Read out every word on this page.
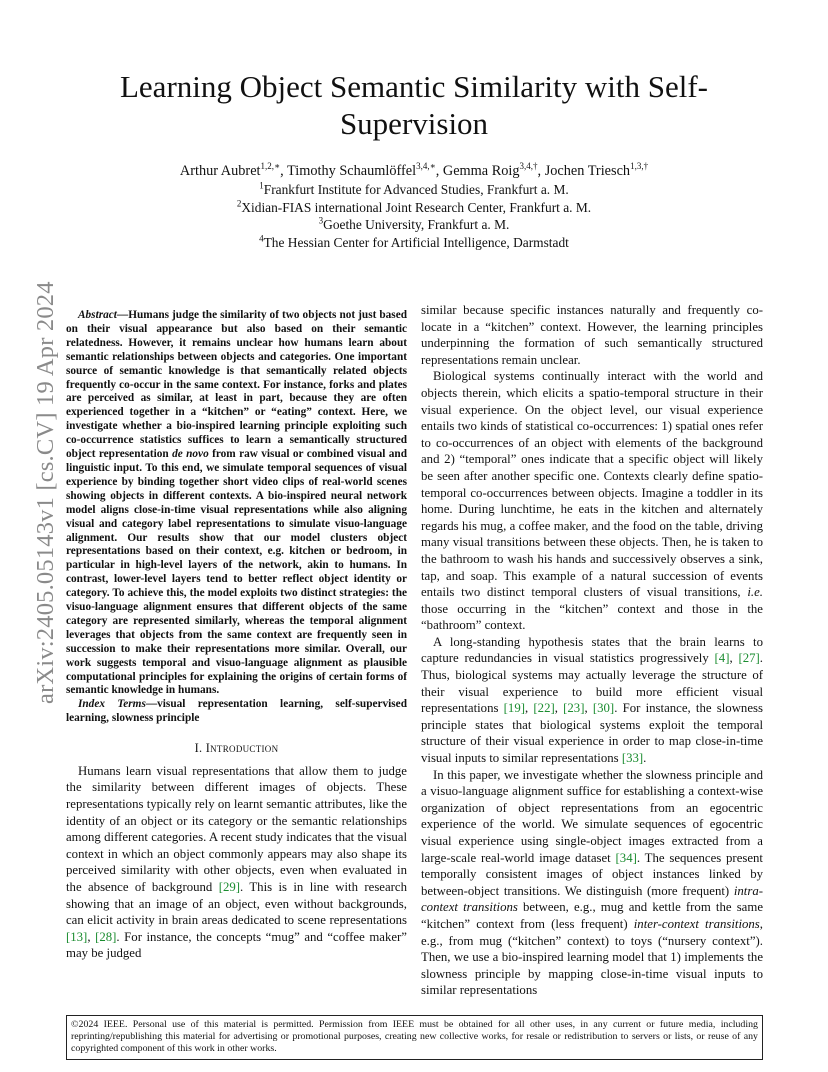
Learning Object Semantic Similarity with Self-Supervision
Arthur Aubret$^{1,2,∗}$, Timothy Schaumlöffel$^{3,4,∗}$, Gemma Roig$^{3,4,\dagger}$, Jochen Triesch$^{1,3,\dagger}$
$^1$Frankfurt Institute for Advanced Studies, Frankfurt a. M.
$^2$Xidian-FIAS international Joint Research Center, Frankfurt a. M.
$^3$Goethe University, Frankfurt a. M.
$^4$The Hessian Center for Artificial Intelligence, Darmstadt
arXiv:2405.05143v1 [cs.CV] 19 Apr 2024	Abstract—Humans judge the similarity of two objects not just based on their visual appearance but also based on their semantic relatedness. However, it remains unclear how humans learn about semantic relationships between objects and categories. One important source of semantic knowledge is that semantically related objects frequently co-occur in the same context. For instance, forks and plates are perceived as similar, at least in part, because they are often experienced together in a “kitchen” or “eating” context. Here, we investigate whether a bio-inspired learning principle exploiting such co-occurrence statistics suffices to learn a semantically structured object representation de novo from raw visual or combined visual and linguistic input. To this end, we simulate temporal sequences of visual experience by binding together short video clips of real-world scenes showing objects in different contexts. A bio-inspired neural network model aligns close-in-time visual representations while also aligning visual and category label representations to simulate visuo-language alignment. Our results show that our model clusters object representations based on their context, e.g. kitchen or bedroom, in particular in high-level layers of the network, akin to humans. In contrast, lower-level layers tend to better reflect object identity or category. To achieve this, the model exploits two distinct strategies: the visuo-language alignment ensures that different objects of the same category are represented similarly, whereas the temporal alignment leverages that objects from the same context are frequently seen in succession to make their representations more similar. Overall, our work suggests temporal and visuo-language alignment as plausible computational principles for explaining the origins of certain forms of semantic knowledge in humans.

Index Terms—visual representation learning, self-supervised learning, slowness principle

I. Introduction

Humans learn visual representations that allow them to judge the similarity between different images of objects. These representations typically rely on learnt semantic attributes, like the identity of an object or its category or the semantic relationships among different categories. A recent study indicates that the visual context in which an object commonly appears may also shape its perceived similarity with other objects, even when evaluated in the absence of background [29]. This is in line with research showing that an image of an object, even without backgrounds, can elicit activity in brain areas dedicated to scene representations [13], [28]. For instance, the concepts “mug” and “coffee maker” may be judged

similar because specific instances naturally and frequently co-locate in a “kitchen” context. However, the learning principles underpinning the formation of such semantically structured representations remain unclear.

Biological systems continually interact with the world and objects therein, which elicits a spatio-temporal structure in their visual experience. On the object level, our visual experience entails two kinds of statistical co-occurrences: 1) spatial ones refer to co-occurrences of an object with elements of the background and 2) “temporal” ones indicate that a specific object will likely be seen after another specific one. Contexts clearly define spatio-temporal co-occurrences between objects. Imagine a toddler in its home. During lunchtime, he eats in the kitchen and alternately regards his mug, a coffee maker, and the food on the table, driving many visual transitions between these objects. Then, he is taken to the bathroom to wash his hands and successively observes a sink, tap, and soap. This example of a natural succession of events entails two distinct temporal clusters of visual transitions, i.e. those occurring in the “kitchen” context and those in the “bathroom” context.

A long-standing hypothesis states that the brain learns to capture redundancies in visual statistics progressively [4], [27]. Thus, biological systems may actually leverage the structure of their visual experience to build more efficient visual representations [19], [22], [23], [30]. For instance, the slowness principle states that biological systems exploit the temporal structure of their visual experience in order to map close-in-time visual inputs to similar representations [33].

In this paper, we investigate whether the slowness principle and a visuo-language alignment suffice for establishing a context-wise organization of object representations from an egocentric experience of the world. We simulate sequences of egocentric visual experience using single-object images extracted from a large-scale real-world image dataset [34]. The sequences present temporally consistent images of object instances linked by between-object transitions. We distinguish (more frequent) intra-context transitions between, e.g., mug and kettle from the same “kitchen” context from (less frequent) inter-context transitions, e.g., from mug (“kitchen” context) to toys (“nursery context”). Then, we use a bio-inspired learning model that 1) implements the slowness principle by mapping close-in-time visual inputs to similar representations

©2024 IEEE. Personal use of this material is permitted. Permission from IEEE must be obtained for all other uses, in any current or future media, including reprinting/republishing this material for advertising or promotional purposes, creating new collective works, for resale or redistribution to servers or lists, or reuse of any copyrighted component of this work in other works.
